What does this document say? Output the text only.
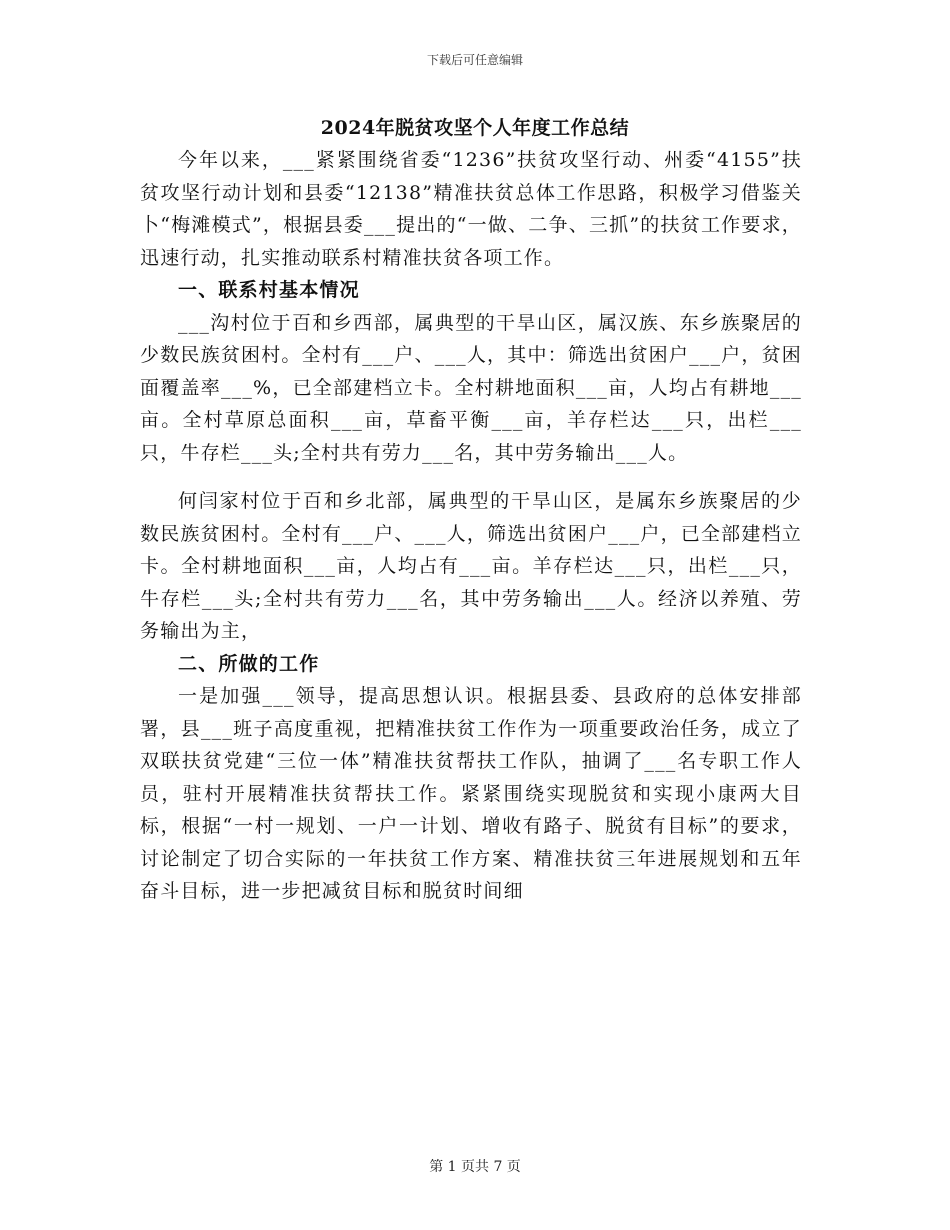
下载后可任意编辑
2024年脱贫攻坚个人年度工作总结

今年以来，___紧紧围绕省委“1236”扶贫攻坚行动、州委“4155”扶贫攻坚行动计划和县委“12138”精准扶贫总体工作思路，积极学习借鉴关卜“梅滩模式”，根据县委___提出的“一做、二争、三抓”的扶贫工作要求，迅速行动，扎实推动联系村精准扶贫各项工作。

一、联系村基本情况

___沟村位于百和乡西部，属典型的干旱山区，属汉族、东乡族聚居的少数民族贫困村。全村有___户、___人，其中：筛选出贫困户___户，贫困面覆盖率___%，已全部建档立卡。全村耕地面积___亩，人均占有耕地___亩。全村草原总面积___亩，草畜平衡___亩，羊存栏达___只，出栏___只，牛存栏___头;全村共有劳力___名，其中劳务输出___人。

何闫家村位于百和乡北部，属典型的干旱山区，是属东乡族聚居的少数民族贫困村。全村有___户、___人，筛选出贫困户___户，已全部建档立卡。全村耕地面积___亩，人均占有___亩。羊存栏达___只，出栏___只，牛存栏___头;全村共有劳力___名，其中劳务输出___人。经济以养殖、劳务输出为主，

二、所做的工作

一是加强___领导，提高思想认识。根据县委、县政府的总体安排部署，县___班子高度重视，把精准扶贫工作作为一项重要政治任务，成立了双联扶贫党建“三位一体”精准扶贫帮扶工作队，抽调了___名专职工作人员，驻村开展精准扶贫帮扶工作。紧紧围绕实现脱贫和实现小康两大目标，根据“一村一规划、一户一计划、增收有路子、脱贫有目标”的要求，讨论制定了切合实际的一年扶贫工作方案、精准扶贫三年进展规划和五年奋斗目标，进一步把减贫目标和脱贫时间细

第 1 页共 7 页
